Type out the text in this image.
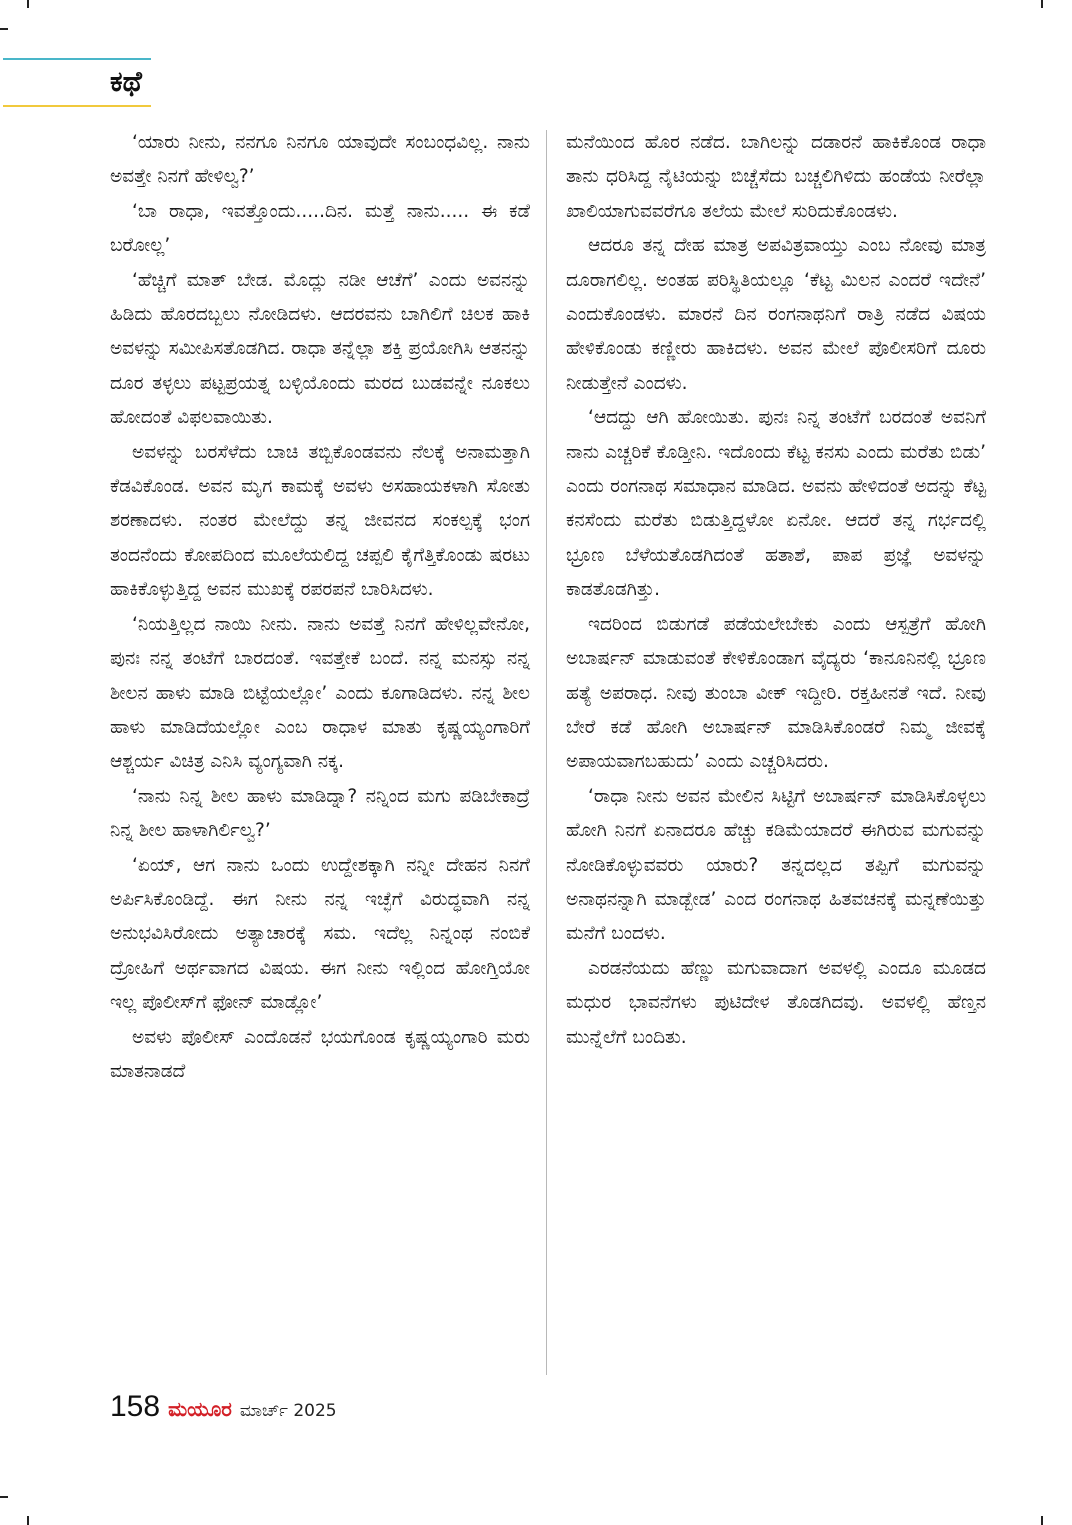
ಕಥೆ

‘ಯಾರು ನೀನು, ನನಗೂ ನಿನಗೂ ಯಾವುದೇ ಸಂಬಂಧವಿಲ್ಲ. ನಾನು ಅವತ್ತೇ ನಿನಗೆ ಹೇಳಿಲ್ವ?’

‘ಬಾ ರಾಧಾ, ಇವತ್ತೊಂದು.....ದಿನ. ಮತ್ತೆ ನಾನು..... ಈ ಕಡೆ ಬರೋಲ್ಲ’

‘ಹೆಚ್ಚಿಗೆ ಮಾತ್ ಬೇಡ. ಮೊದ್ಲು ನಡೀ ಆಚೆಗೆ’ ಎಂದು ಅವನನ್ನು ಹಿಡಿದು ಹೊರದಬ್ಬಲು ನೋಡಿದಳು. ಆದರವನು ಬಾಗಿಲಿಗೆ ಚಿಲಕ ಹಾಕಿ ಅವಳನ್ನು ಸಮೀಪಿಸತೊಡಗಿದ. ರಾಧಾ ತನ್ನೆಲ್ಲಾ ಶಕ್ತಿ ಪ್ರಯೋಗಿಸಿ ಆತನನ್ನು ದೂರ ತಳ್ಳಲು ಪಟ್ಟಪ್ರಯತ್ನ ಬಳ್ಳಿಯೊಂದು ಮರದ ಬುಡವನ್ನೇ ನೂಕಲು ಹೋದಂತೆ ವಿಫಲವಾಯಿತು.

ಅವಳನ್ನು ಬರಸೆಳೆದು ಬಾಚಿ ತಬ್ಬಿಕೊಂಡವನು ನೆಲಕ್ಕೆ ಅನಾಮತ್ತಾಗಿ ಕೆಡವಿಕೊಂಡ. ಅವನ ಮೃಗ ಕಾಮಕ್ಕೆ ಅವಳು ಅಸಹಾಯಕಳಾಗಿ ಸೋತು ಶರಣಾದಳು. ನಂತರ ಮೇಲೆದ್ದು ತನ್ನ ಜೀವನದ ಸಂಕಲ್ಪಕ್ಕೆ ಭಂಗ ತಂದನೆಂದು ಕೋಪದಿಂದ ಮೂಲೆಯಲಿದ್ದ ಚಪ್ಪಲಿ ಕೈಗೆತ್ತಿಕೊಂಡು ಷರಟು ಹಾಕಿಕೊಳ್ಳುತ್ತಿದ್ದ ಅವನ ಮುಖಕ್ಕೆ ರಪರಪನೆ ಬಾರಿಸಿದಳು.

‘ನಿಯತ್ತಿಲ್ಲದ ನಾಯಿ ನೀನು. ನಾನು ಅವತ್ತೆ ನಿನಗೆ ಹೇಳಿಲ್ಲವೇನೋ, ಪುನಃ ನನ್ನ ತಂಟೆಗೆ ಬಾರದಂತೆ. ಇವತ್ತೇಕೆ ಬಂದೆ. ನನ್ನ ಮನಸ್ಸು ನನ್ನ ಶೀಲನ ಹಾಳು ಮಾಡಿ ಬಿಟ್ಟೆಯಲ್ಲೋ’ ಎಂದು ಕೂಗಾಡಿದಳು. ನನ್ನ ಶೀಲ ಹಾಳು ಮಾಡಿದೆಯಲ್ಲೋ ಎಂಬ ರಾಧಾಳ ಮಾತು ಕೃಷ್ಣಯ್ಯಂಗಾರಿಗೆ ಆಶ್ಚರ್ಯ ವಿಚಿತ್ರ ಎನಿಸಿ ವ್ಯಂಗ್ಯವಾಗಿ ನಕ್ಕ.

‘ನಾನು ನಿನ್ನ ಶೀಲ ಹಾಳು ಮಾಡಿದ್ನಾ? ನನ್ನಿಂದ ಮಗು ಪಡಿಬೇಕಾದ್ರೆ ನಿನ್ನ ಶೀಲ ಹಾಳಾಗಿರ್ಲಿಲ್ವ?’

‘ಏಯ್, ಆಗ ನಾನು ಒಂದು ಉದ್ದೇಶಕ್ಕಾಗಿ ನನ್ನೀ ದೇಹನ ನಿನಗೆ ಅರ್ಪಿಸಿಕೊಂಡಿದ್ದೆ. ಈಗ ನೀನು ನನ್ನ ಇಚ್ಛೆಗೆ ವಿರುದ್ಧವಾಗಿ ನನ್ನ ಅನುಭವಿಸಿರೋದು ಅತ್ಯಾಚಾರಕ್ಕೆ ಸಮ. ಇದೆಲ್ಲ ನಿನ್ನಂಥ ನಂಬಿಕೆ ದ್ರೋಹಿಗೆ ಅರ್ಥವಾಗದ ವಿಷಯ. ಈಗ ನೀನು ಇಲ್ಲಿಂದ ಹೋಗ್ತಿಯೋ ಇಲ್ಲ ಪೊಲೀಸ್‌ಗೆ ಫೋನ್ ಮಾಡ್ಲೋ’

ಅವಳು ಪೊಲೀಸ್ ಎಂದೊಡನೆ ಭಯಗೊಂಡ ಕೃಷ್ಣಯ್ಯಂಗಾರಿ ಮರು ಮಾತನಾಡದೆ

ಮನೆಯಿಂದ ಹೊರ ನಡೆದ. ಬಾಗಿಲನ್ನು ದಡಾರನೆ ಹಾಕಿಕೊಂಡ ರಾಧಾ ತಾನು ಧರಿಸಿದ್ದ ನೈಟಿಯನ್ನು ಬಿಚ್ಚೆಸೆದು ಬಚ್ಚಲಿಗಿಳಿದು ಹಂಡೆಯ ನೀರೆಲ್ಲಾ ಖಾಲಿಯಾಗುವವರೆಗೂ ತಲೆಯ ಮೇಲೆ ಸುರಿದುಕೊಂಡಳು.

ಆದರೂ ತನ್ನ ದೇಹ ಮಾತ್ರ ಅಪವಿತ್ರವಾಯ್ತು ಎಂಬ ನೋವು ಮಾತ್ರ ದೂರಾಗಲಿಲ್ಲ. ಅಂತಹ ಪರಿಸ್ಥಿತಿಯಲ್ಲೂ ‘ಕೆಟ್ಟ ಮಿಲನ ಎಂದರೆ ಇದೇನೆ’ ಎಂದುಕೊಂಡಳು. ಮಾರನೆ ದಿನ ರಂಗನಾಥನಿಗೆ ರಾತ್ರಿ ನಡೆದ ವಿಷಯ ಹೇಳಿಕೊಂಡು ಕಣ್ಣೀರು ಹಾಕಿದಳು. ಅವನ ಮೇಲೆ ಪೊಲೀಸರಿಗೆ ದೂರು ನೀಡುತ್ತೇನೆ ಎಂದಳು.

‘ಆದದ್ದು ಆಗಿ ಹೋಯಿತು. ಪುನಃ ನಿನ್ನ ತಂಟೆಗೆ ಬರದಂತೆ ಅವನಿಗೆ ನಾನು ಎಚ್ಚರಿಕೆ ಕೊಡ್ತೀನಿ. ಇದೊಂದು ಕೆಟ್ಟ ಕನಸು ಎಂದು ಮರೆತು ಬಿಡು’ ಎಂದು ರಂಗನಾಥ ಸಮಾಧಾನ ಮಾಡಿದ. ಅವನು ಹೇಳಿದಂತೆ ಅದನ್ನು ಕೆಟ್ಟ ಕನಸೆಂದು ಮರೆತು ಬಿಡುತ್ತಿದ್ದಳೋ ಏನೋ. ಆದರೆ ತನ್ನ ಗರ್ಭದಲ್ಲಿ ಭ್ರೂಣ ಬೆಳೆಯತೊಡಗಿದಂತೆ ಹತಾಶೆ, ಪಾಪ ಪ್ರಜ್ಞೆ ಅವಳನ್ನು ಕಾಡತೊಡಗಿತ್ತು.

ಇದರಿಂದ ಬಿಡುಗಡೆ ಪಡೆಯಲೇಬೇಕು ಎಂದು ಆಸ್ಪತ್ರೆಗೆ ಹೋಗಿ ಅಬಾರ್ಷನ್ ಮಾಡುವಂತೆ ಕೇಳಿಕೊಂಡಾಗ ವೈದ್ಯರು ‘ಕಾನೂನಿನಲ್ಲಿ ಭ್ರೂಣ ಹತ್ಯೆ ಅಪರಾಧ. ನೀವು ತುಂಬಾ ವೀಕ್ ಇದ್ದೀರಿ. ರಕ್ತಹೀನತೆ ಇದೆ. ನೀವು ಬೇರೆ ಕಡೆ ಹೋಗಿ ಅಬಾರ್ಷನ್ ಮಾಡಿಸಿಕೊಂಡರೆ ನಿಮ್ಮ ಜೀವಕ್ಕೆ ಅಪಾಯವಾಗಬಹುದು’ ಎಂದು ಎಚ್ಚರಿಸಿದರು.

‘ರಾಧಾ ನೀನು ಅವನ ಮೇಲಿನ ಸಿಟ್ಟಿಗೆ ಅಬಾರ್ಷನ್ ಮಾಡಿಸಿಕೊಳ್ಳಲು ಹೋಗಿ ನಿನಗೆ ಏನಾದರೂ ಹೆಚ್ಚು ಕಡಿಮೆಯಾದರೆ ಈಗಿರುವ ಮಗುವನ್ನು ನೋಡಿಕೊಳ್ಳುವವರು ಯಾರು? ತನ್ನದಲ್ಲದ ತಪ್ಪಿಗೆ ಮಗುವನ್ನು ಅನಾಥನನ್ನಾಗಿ ಮಾಡ್ಬೇಡ’ ಎಂದ ರಂಗನಾಥ ಹಿತವಚನಕ್ಕೆ ಮನ್ನಣೆಯಿತ್ತು ಮನೆಗೆ ಬಂದಳು.

ಎರಡನೆಯದು ಹೆಣ್ಣು ಮಗುವಾದಾಗ ಅವಳಲ್ಲಿ ಎಂದೂ ಮೂಡದ ಮಧುರ ಭಾವನೆಗಳು ಪುಟಿದೇಳ ತೊಡಗಿದವು. ಅವಳಲ್ಲಿ ಹೆಣ್ತನ ಮುನ್ನೆಲೆಗೆ ಬಂದಿತು.

158 ಮಯೂರ ಮಾರ್ಚ್ 2025
